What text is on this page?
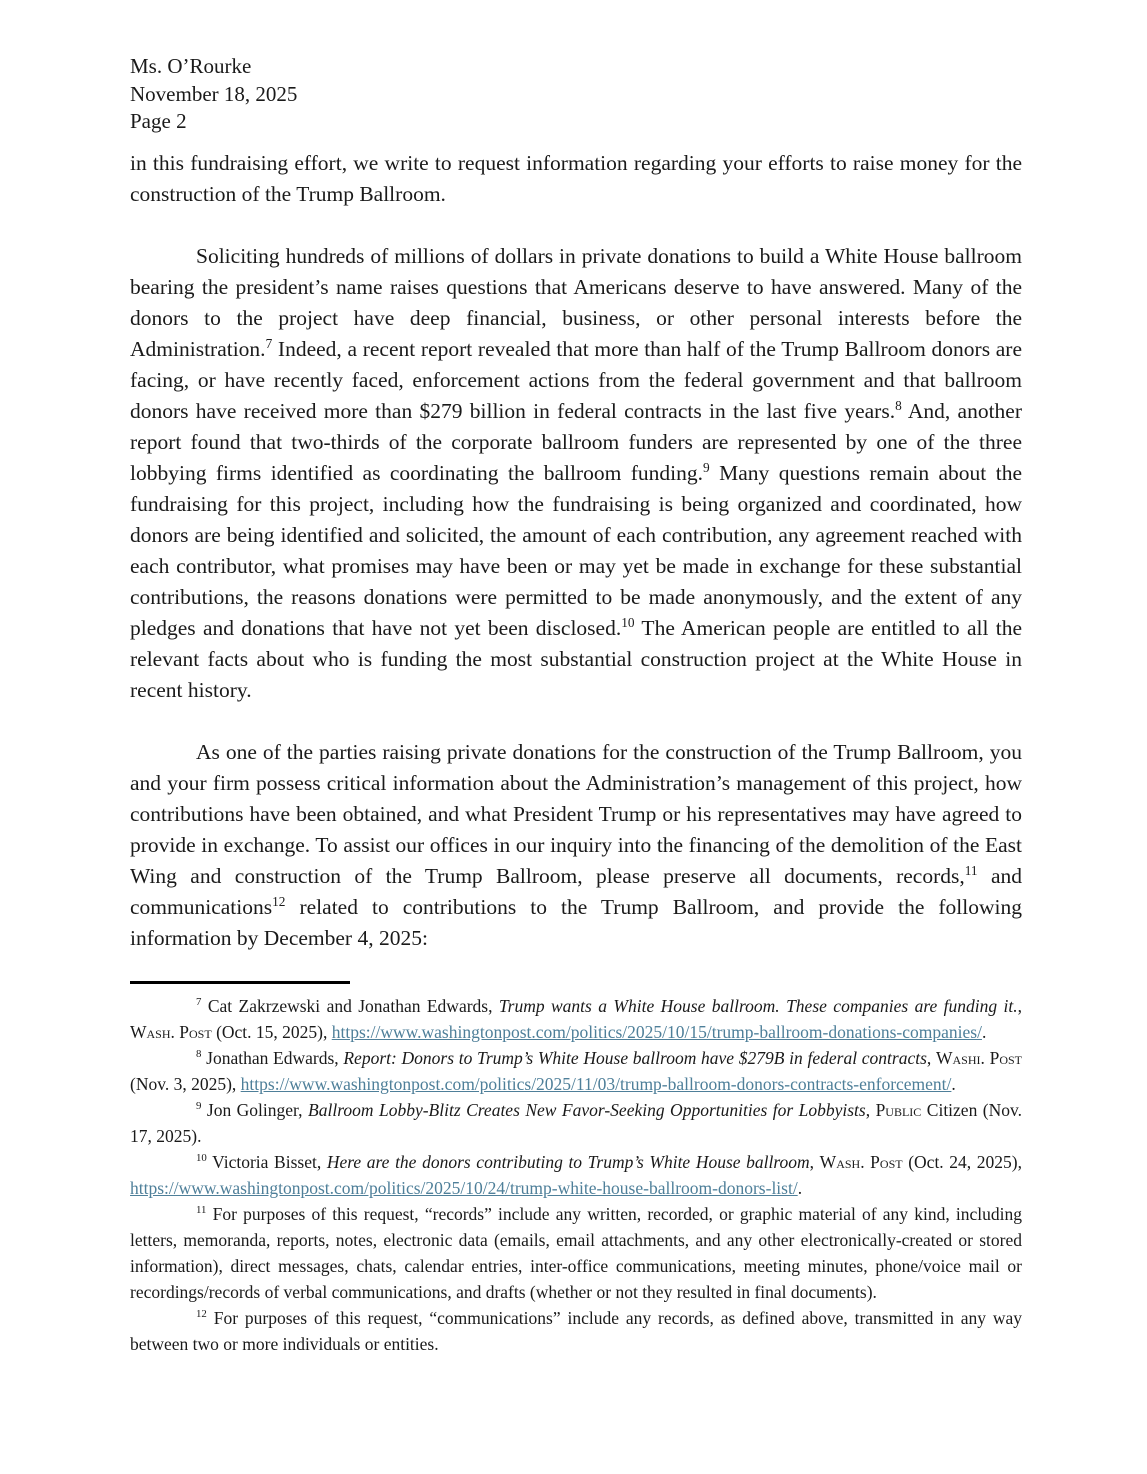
Ms. O’Rourke
November 18, 2025
Page 2
in this fundraising effort, we write to request information regarding your efforts to raise money for the construction of the Trump Ballroom.
Soliciting hundreds of millions of dollars in private donations to build a White House ballroom bearing the president’s name raises questions that Americans deserve to have answered. Many of the donors to the project have deep financial, business, or other personal interests before the Administration.$^7$ Indeed, a recent report revealed that more than half of the Trump Ballroom donors are facing, or have recently faced, enforcement actions from the federal government and that ballroom donors have received more than $279 billion in federal contracts in the last five years.$^8$ And, another report found that two-thirds of the corporate ballroom funders are represented by one of the three lobbying firms identified as coordinating the ballroom funding.$^9$ Many questions remain about the fundraising for this project, including how the fundraising is being organized and coordinated, how donors are being identified and solicited, the amount of each contribution, any agreement reached with each contributor, what promises may have been or may yet be made in exchange for these substantial contributions, the reasons donations were permitted to be made anonymously, and the extent of any pledges and donations that have not yet been disclosed.$^{10}$ The American people are entitled to all the relevant facts about who is funding the most substantial construction project at the White House in recent history.
As one of the parties raising private donations for the construction of the Trump Ballroom, you and your firm possess critical information about the Administration’s management of this project, how contributions have been obtained, and what President Trump or his representatives may have agreed to provide in exchange. To assist our offices in our inquiry into the financing of the demolition of the East Wing and construction of the Trump Ballroom, please preserve all documents, records,$^{11}$ and communications$^{12}$ related to contributions to the Trump Ballroom, and provide the following information by December 4, 2025:
$^7$ Cat Zakrzewski and Jonathan Edwards, Trump wants a White House ballroom. These companies are funding it., Wash. Post (Oct. 15, 2025), https://www.washingtonpost.com/politics/2025/10/15/trump-ballroom-donations-companies/.
$^8$ Jonathan Edwards, Report: Donors to Trump’s White House ballroom have $279B in federal contracts, Washi. Post (Nov. 3, 2025), https://www.washingtonpost.com/politics/2025/11/03/trump-ballroom-donors-contracts-enforcement/.
$^9$ Jon Golinger, Ballroom Lobby-Blitz Creates New Favor-Seeking Opportunities for Lobbyists, Public Citizen (Nov. 17, 2025).
$^{10}$ Victoria Bisset, Here are the donors contributing to Trump’s White House ballroom, Wash. Post (Oct. 24, 2025), https://www.washingtonpost.com/politics/2025/10/24/trump-white-house-ballroom-donors-list/.
$^{11}$ For purposes of this request, “records” include any written, recorded, or graphic material of any kind, including letters, memoranda, reports, notes, electronic data (emails, email attachments, and any other electronically-created or stored information), direct messages, chats, calendar entries, inter-office communications, meeting minutes, phone/voice mail or recordings/records of verbal communications, and drafts (whether or not they resulted in final documents).
$^{12}$ For purposes of this request, “communications” include any records, as defined above, transmitted in any way between two or more individuals or entities.
